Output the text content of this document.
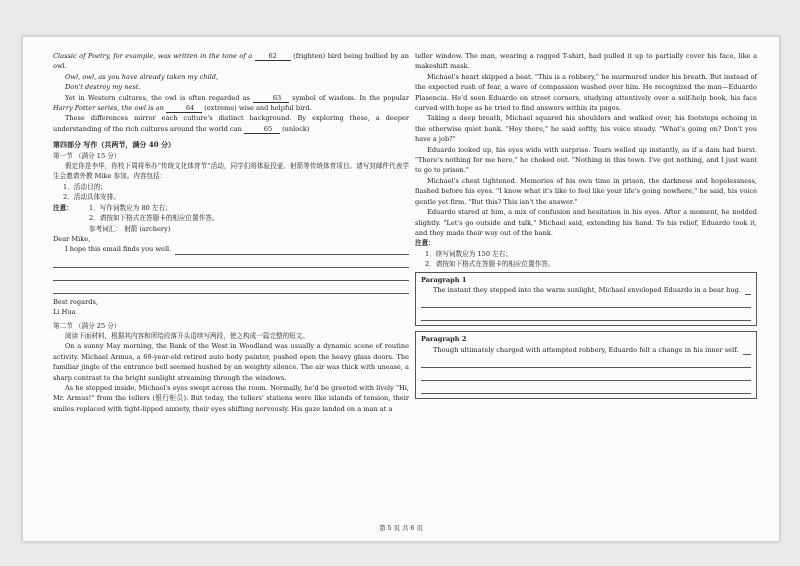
Classic of Poetry, for example, was written in the tone of a 62 (frighten) bird being bullied by an owl.

Owl, owl, as you have already taken my child,

Don't destroy my nest.

Yet in Western cultures, the owl is often regarded as	63 symbol of wisdom. In the popular Harry Potter series, the owl is an	64 (extreme) wise and helpful bird.

These differences mirror each culture's distinct background. By exploring these, a deeper understanding of the rich cultures around the world can	65 (unlock)

第四部分 写作（共两节，满分 40 分）

第一节 （满分 15 分）

假定你是李华，你校下周将举办“传统文化体育节”活动，同学们将体验投壶、射箭等传统体育项目。请写封邮件代表学生会邀请外教 Mike 参加。内容包括：

1．活动目的；

2．活动具体安排。

注意：	1．写作词数应为 80 左右；
2．请按如下格式在答题卡的相应位置作答。
参考词汇： 射箭 (archery)

Dear Mike,

I hope this email finds you well.

Best regards,

Li Hua

第二节 （满分 25 分）

阅读下面材料，根据其内容和所给段落开头语续写两段，使之构成一篇完整的短文。

On a sunny May morning, the Bank of the West in Woodland was usually a dynamic scene of routine activity. Michael Armus, a 69-year-old retired auto body painter, pushed open the heavy glass doors. The familiar jingle of the entrance bell seemed hushed by an weighty silence. The air was thick with unease, a sharp contrast to the bright sunlight streaming through the windows.

As he stepped inside, Michael's eyes swept across the room. Normally, he'd be greeted with lively "Hi, Mr. Armus!" from the tellers (银行柜员). But today, the tellers' stations were like islands of tension, their smiles replaced with tight-lipped anxiety, their eyes shifting nervously. His gaze landed on a man at a

teller window. The man, wearing a ragged T-shirt, had pulled it up to partially cover his face, like a makeshift mask.

Michael's heart skipped a beat. "This is a robbery," he murmured under his breath. But instead of the expected rush of fear, a wave of compassion washed over him. He recognized the man—Eduardo Plasencia. He'd seen Eduardo on street corners, studying attentively over a self-help book, his face carved with hope as he tried to find answers within its pages.

Taking a deep breath, Michael squared his shoulders and walked over, his footsteps echoing in the otherwise quiet bank. "Hey there," he said softly, his voice steady. "What's going on? Don't you have a job?"

Eduardo looked up, his eyes wide with surprise. Tears welled up instantly, as if a dam had burst. "There's nothing for me here," he choked out. "Nothing in this town. I've got nothing, and I just want to go to prison."

Michael's chest tightened. Memories of his own time in prison, the darkness and hopelessness, flashed before his eyes. "I know what it's like to feel like your life's going nowhere," he said, his voice gentle yet firm. "But this? This isn't the answer."

Eduardo stared at him, a mix of confusion and hesitation in his eyes. After a moment, he nodded slightly. "Let's go outside and talk," Michael said, extending his hand. To his relief, Eduardo took it, and they made their way out of the bank.

注意：

1．续写词数应为 150 左右；

2．请按如下格式在答题卡的相应位置作答。

Paragraph 1
The instant they stepped into the warm sunlight, Michael enveloped Eduardo in a bear hug.
Paragraph 2
Though ultimately charged with attempted robbery, Eduardo felt a change in his inner self.
第 5 页 共 6 页
